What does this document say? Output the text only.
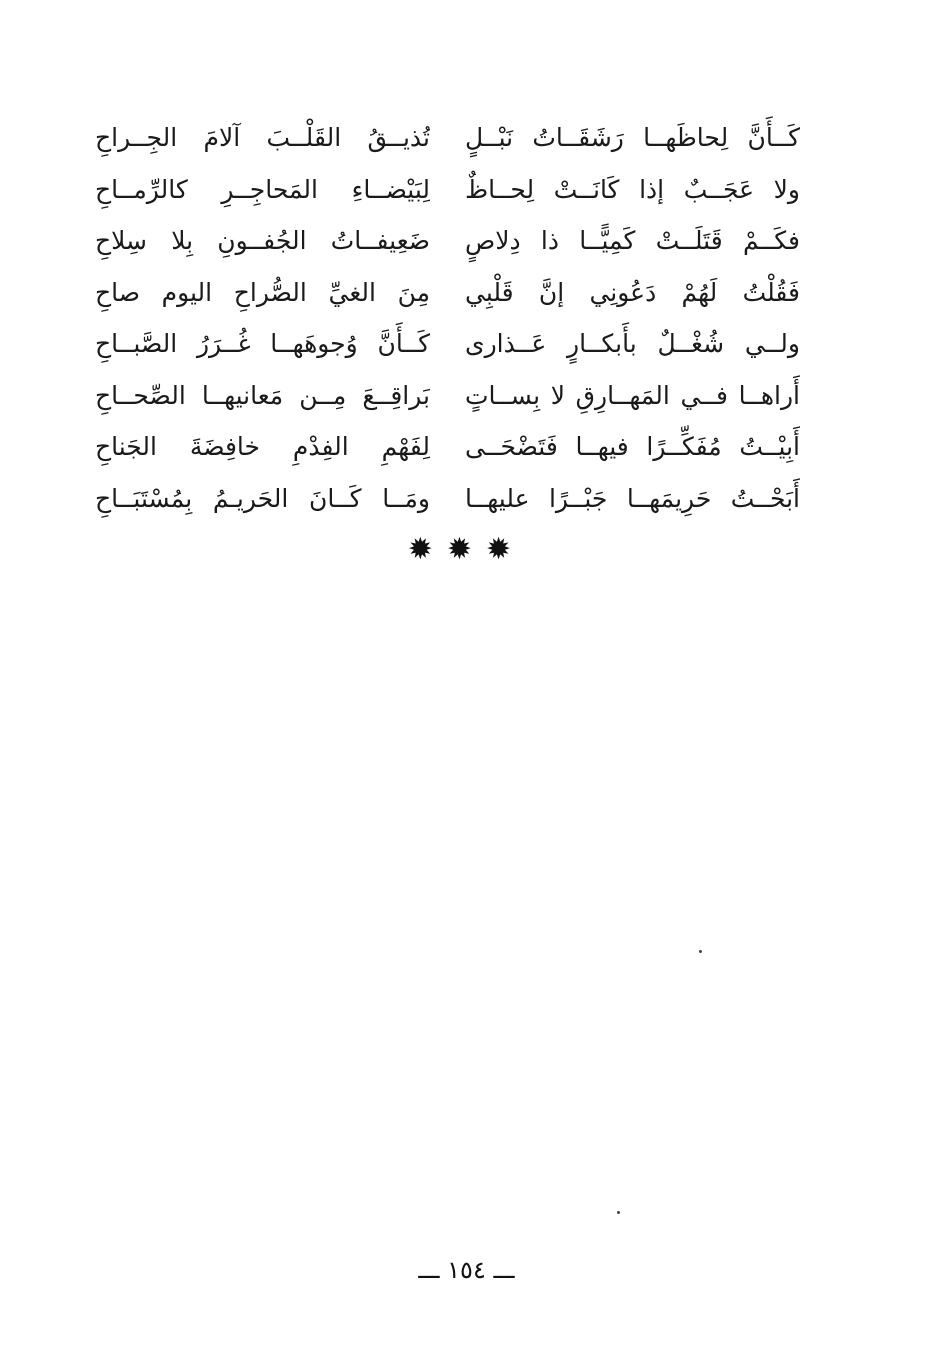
كَــأَنَّ لِحاظَهــا رَشَقَــاتُ نَبْــلٍ
تُذيــقُ القَلْــبَ آلامَ الجِــراحِ
ولا عَجَــبٌ إذا كَانَــتْ لِحــاظٌ
لِبَيْضــاءِ المَحاجِــرِ كالرِّمــاحِ
فكَــمْ قَتَلَــتْ كَمِيًّــا ذا دِلاصٍ
ضَعِيفــاتُ الجُفــونِ بِلا سِلاحِ
فَقُلْتُ لَهُمْ دَعُونِي إنَّ قَلْبِي
مِنَ الغيِّ الصُّراحِ اليوم صاحِ
ولــي شُغْــلٌ بأَبكــارٍ عَــذارى
كَــأَنَّ وُجوهَهــا غُــرَرُ الصَّبــاحِ
أَراهــا فــي المَهــارِقِ لا بِســاتٍ
بَراقِــعَ مِــن مَعانيهــا الصِّحــاحِ
أَبِيْــتُ مُفَكِّــرًا فيهــا فَتَضْحَــى
لِفَهْمِ الفِدْمِ خافِضَةَ الجَناحِ
أَبَحْــتُ حَرِيمَهــا جَبْــرًا عليهــا
ومَــا كَــانَ الحَريـمُ بِمُسْتَبَــاحِ
✹✹✹
ـــ ١٥٤ ـــ
